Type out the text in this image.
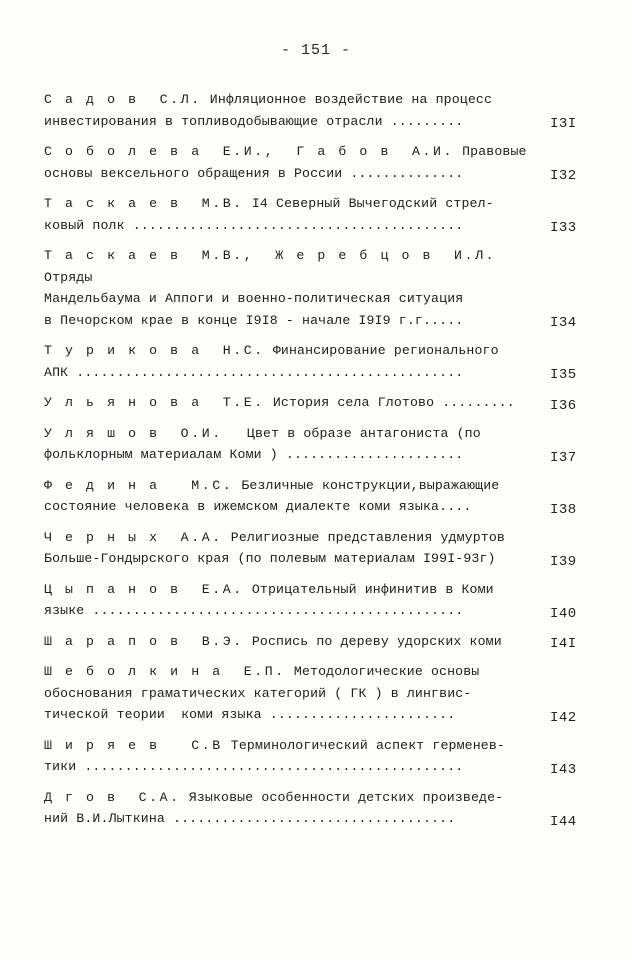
- 151 -
С а д о в  С.Л. Инфляционное воздействие на процесс
инвестирования в топливодобывающие отрасли .........	I3I
С о б о л е в а  Е.И.,  Г а б о в  А.И. Правовые
основы вексельного обращения в России ..............	I32
Т а с к а е в  М.В. I4 Северный Вычегодский стрел-
ковый полк .........................................	I33
Т а с к а е в  М.В.,  Ж е р е б ц о в  И.Л. Отряды
Мандельбаума и Аппоги и военно-политическая ситуация
в Печорском крае в конце I9I8 - начале I9I9 г.г.....	I34
Т у р и к о в а  Н.С. Финансирование регионального
АПК ................................................	I35
У л ь я н о в а  Т.Е. История села Глотово .........	I36
У л я ш о в  О.И.   Цвет в образе антагониста (по
фольклорным материалам Коми ) ......................	I37
Ф е д и н а   М.С. Безличные конструкции,выражающие
состояние человека в ижемском диалекте коми языка....	I38
Ч е р н ы х  А.А. Религиозные представления удмуртов
Больше-Гондырского края (по полевым материалам I99I-93г)	I39
Ц ы п а н о в  Е.А. Отрицательный инфинитив в Коми
языке ..............................................	I40
Ш а р а п о в  В.Э. Роспись по дереву удорских коми	I4I
Ш е б о л к и н а  Е.П. Методологические основы
обоснования граматических категорий ( ГК ) в лингвис-
тической теории  коми языка .......................	I42
Ш и р я е в   С.В Терминологический аспект герменев-
тики ...............................................	I43
Д г о в  С.А. Языковые особенности детских произведе-
ний В.И.Лыткина ...................................	I44
